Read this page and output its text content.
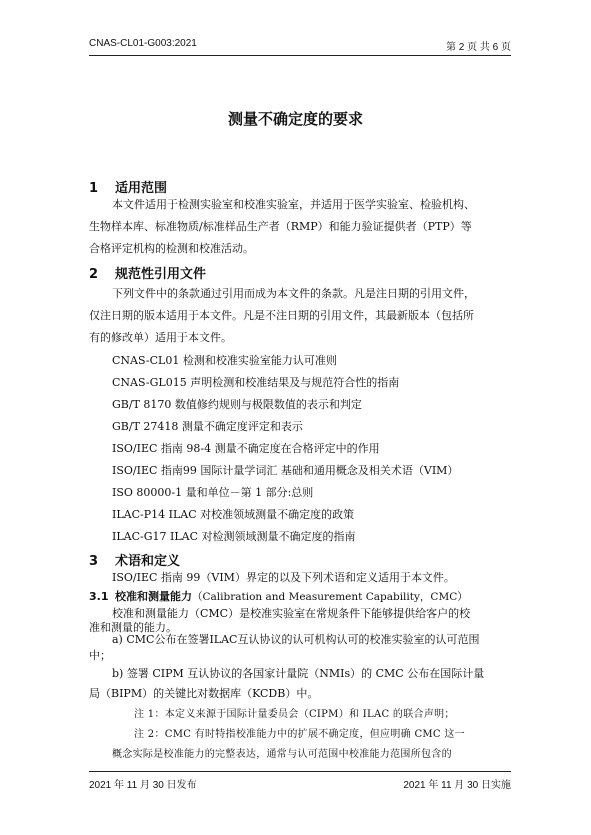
CNAS-CL01-G003:2021	第 2 页 共 6 页
测量不确定度的要求
1 适用范围
本文件适用于检测实验室和校准实验室，并适用于医学实验室、检验机构、
生物样本库、标准物质/标准样品生产者（RMP）和能力验证提供者（PTP）等
合格评定机构的检测和校准活动。
2 规范性引用文件
下列文件中的条款通过引用而成为本文件的条款。凡是注日期的引用文件，
仅注日期的版本适用于本文件。凡是不注日期的引用文件，其最新版本（包括所
有的修改单）适用于本文件。
CNAS-CL01 检测和校准实验室能力认可准则
CNAS-GL015 声明检测和校准结果及与规范符合性的指南
GB/T 8170 数值修约规则与极限数值的表示和判定
GB/T 27418 测量不确定度评定和表示
ISO/IEC 指南 98-4 测量不确定度在合格评定中的作用
ISO/IEC 指南99 国际计量学词汇 基础和通用概念及相关术语（VIM）
ISO 80000-1 量和单位－第 1 部分:总则
ILAC-P14 ILAC 对校准领域测量不确定度的政策
ILAC-G17 ILAC 对检测领域测量不确定度的指南
3 术语和定义
ISO/IEC 指南 99（VIM）界定的以及下列术语和定义适用于本文件。
3.1 校准和测量能力（Calibration and Measurement Capability，CMC）
校准和测量能力（CMC）是校准实验室在常规条件下能够提供给客户的校
准和测量的能力。
a) CMC公布在签署ILAC互认协议的认可机构认可的校准实验室的认可范围
中；
注 1：本定义来源于国际计量委员会（CIPM）和 ILAC 的联合声明；
2021 年 11 月 30 日发布	2021 年 11 月 30 日实施
注 2：CMC 有时特指校准能力中的扩展不确定度，但应明确 CMC 这一
概念实际是校准能力的完整表达，通常与认可范围中校准能力范围所包含的
b) 签署 CIPM 互认协议的各国家计量院（NMIs）的 CMC 公布在国际计量
局（BIPM）的关键比对数据库（KCDB）中。
